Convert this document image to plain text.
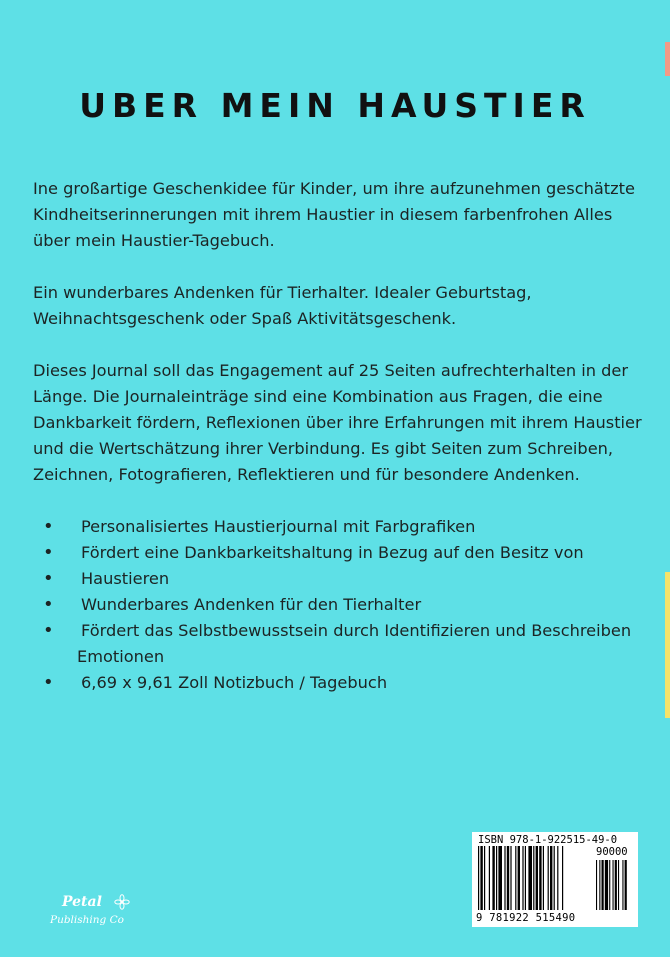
UBER MEIN HAUSTIER

Ine großartige Geschenkidee für Kinder, um ihre aufzunehmen geschätzte Kindheitserinnerungen mit ihrem Haustier in diesem farbenfrohen Alles über mein Haustier-Tagebuch.

Ein wunderbares Andenken für Tierhalter. Idealer Geburtstag, Weihnachtsgeschenk oder Spaß Aktivitätsgeschenk.

Dieses Journal soll das Engagement auf 25 Seiten aufrechterhalten in der Länge. Die Journaleinträge sind eine Kombination aus Fragen, die eine Dankbarkeit fördern, Reflexionen über ihre Erfahrungen mit ihrem Haustier und die Wertschätzung ihrer Verbindung. Es gibt Seiten zum Schreiben, Zeichnen, Fotografieren, Reflektieren und für besondere Andenken.

• Personalisiertes Haustierjournal mit Farbgrafiken
• Fördert eine Dankbarkeitshaltung in Bezug auf den Besitz von
• Haustieren
• Wunderbares Andenken für den Tierhalter
• Fördert das Selbstbewusstsein durch Identifizieren und Beschreiben Emotionen
• 6,69 x 9,61 Zoll Notizbuch / Tagebuch
Petal
Publishing Co
ISBN 978-1-922515-49-0
90000
9 781922 515490
